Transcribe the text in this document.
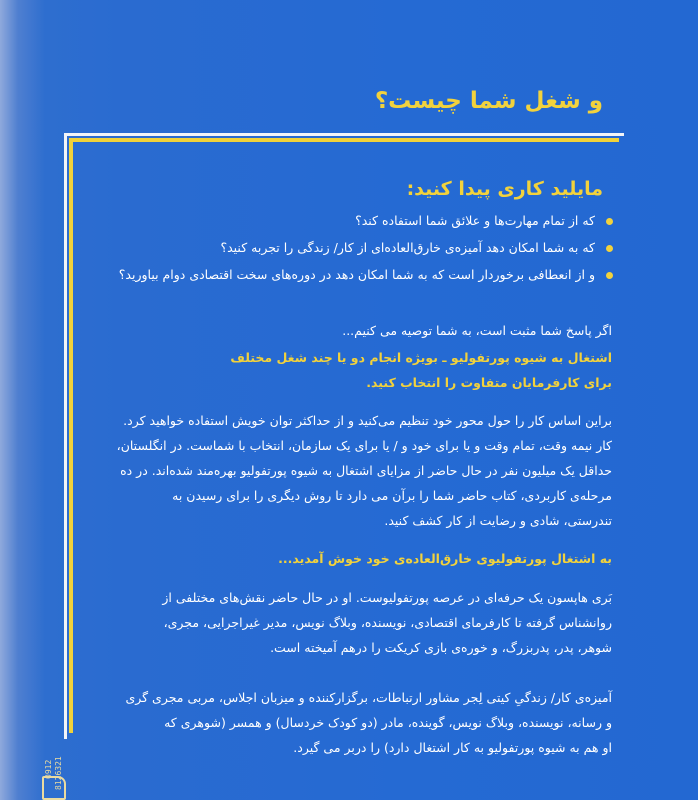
و شغل شما چیست؟
مایلید کاری پیدا کنید:
که از تمام مهارت‌ها و علائق شما استفاده کند؟
که به شما امکان دهد آمیزه‌ی خارق‌العاده‌ای از کار/ زندگی را تجربه کنید؟
و از انعطافی برخوردار است که به شما امکان دهد در دوره‌های سخت اقتصادی دوام بیاورید؟
اگر پاسخ شما مثبت است، به شما توصیه می کنیم...
اشتغال به شیوه پورتفولیو ـ بویژه انجام دو یا چند شغل مختلف
برای کارفرمایان متفاوت را انتخاب کنید.
براین اساس کار را حول محور خود تنظیم می‌کنید و از حداکثر توان خویش استفاده خواهید کرد.
کار نیمه وقت، تمام وقت و یا برای خود و / یا برای یک سازمان، انتخاب با شماست. در انگلستان،
حداقل یک میلیون نفر در حال حاضر از مزایای اشتغال به شیوه پورتفولیو بهره‌مند شده‌اند. در ده
مرحله‌ی کاربردی، کتاب حاضر شما را برآن می دارد تا روش دیگری را برای رسیدن به
تندرستی، شادی و رضایت از کار کشف کنید.
به اشتغال پورتفولیوی خارق‌العاده‌ی خود خوش آمدید...
بَری هاپسون یک حرفه‌ای در عرصه پورتفولیوست. او در حال حاضر نقش‌های مختلفی از
روانشناس گرفته تا کارفرمای اقتصادی، نویسنده، وبلاگ نویس، مدیر غیراجرایی، مجری،
شوهر، پدر، پدربزرگ، و خوره‌ی بازی کریکت را درهم آمیخته است.
آمیزه‌ی کار/ زندگیِ کیتی لِجر مشاور ارتباطات، برگزارکننده و میزبان اجلاس، مربی مجری گری
و رسانه، نویسنده، وبلاگ نویس، گوینده، مادر (دو کودک خردسال) و همسر (شوهری که
او هم به شیوه پورتفولیو به کار اشتغال دارد) را دربر می گیرد.
0912 8126321
